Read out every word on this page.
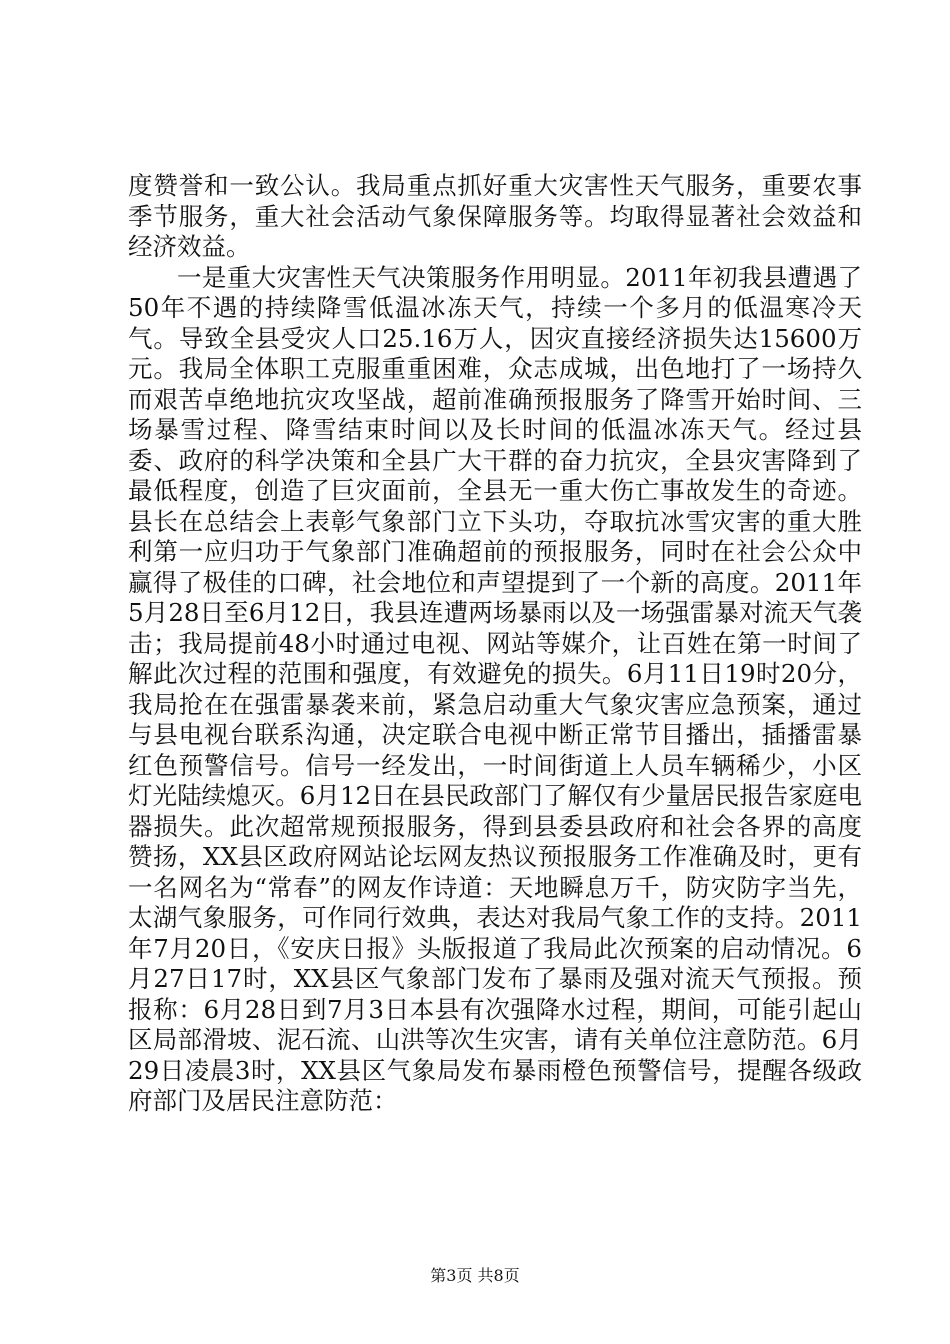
度赞誉和一致公认。我局重点抓好重大灾害性天气服务，重要农事季节服务，重大社会活动气象保障服务等。均取得显著社会效益和经济效益。

一是重大灾害性天气决策服务作用明显。2011年初我县遭遇了50年不遇的持续降雪低温冰冻天气，持续一个多月的低温寒冷天气。导致全县受灾人口25.16万人，因灾直接经济损失达15600万元。我局全体职工克服重重困难，众志成城，出色地打了一场持久而艰苦卓绝地抗灾攻坚战，超前准确预报服务了降雪开始时间、三场暴雪过程、降雪结束时间以及长时间的低温冰冻天气。经过县委、政府的科学决策和全县广大干群的奋力抗灾，全县灾害降到了最低程度，创造了巨灾面前，全县无一重大伤亡事故发生的奇迹。县长在总结会上表彰气象部门立下头功，夺取抗冰雪灾害的重大胜利第一应归功于气象部门准确超前的预报服务，同时在社会公众中赢得了极佳的口碑，社会地位和声望提到了一个新的高度。2011年5月28日至6月12日，我县连遭两场暴雨以及一场强雷暴对流天气袭击；我局提前48小时通过电视、网站等媒介，让百姓在第一时间了解此次过程的范围和强度，有效避免的损失。6月11日19时20分，我局抢在在强雷暴袭来前，紧急启动重大气象灾害应急预案，通过与县电视台联系沟通，决定联合电视中断正常节目播出，插播雷暴红色预警信号。信号一经发出，一时间街道上人员车辆稀少，小区灯光陆续熄灭。6月12日在县民政部门了解仅有少量居民报告家庭电器损失。此次超常规预报服务，得到县委县政府和社会各界的高度赞扬，XX县区政府网站论坛网友热议预报服务工作准确及时，更有一名网名为“常春”的网友作诗道：天地瞬息万千，防灾防字当先，太湖气象服务，可作同行效典，表达对我局气象工作的支持。2011年7月20日，《安庆日报》头版报道了我局此次预案的启动情况。6月27日17时，XX县区气象部门发布了暴雨及强对流天气预报。预报称：6月28日到7月3日本县有次强降水过程，期间，可能引起山区局部滑坡、泥石流、山洪等次生灾害，请有关单位注意防范。6月29日凌晨3时，XX县区气象局发布暴雨橙色预警信号，提醒各级政府部门及居民注意防范：

第3页 共8页
